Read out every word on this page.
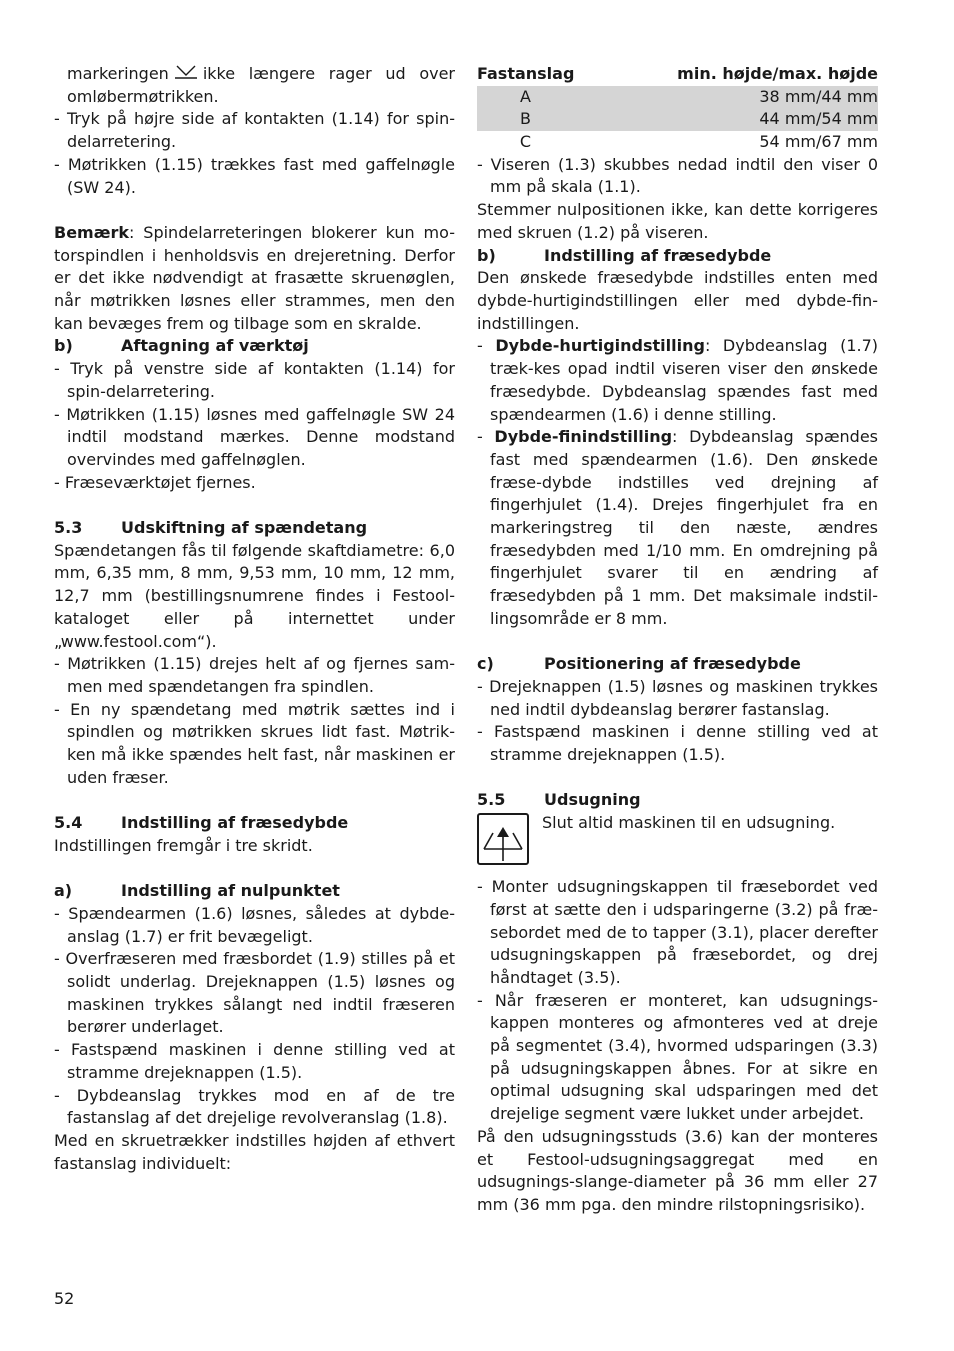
markeringen ikke længere rager ud over omløbermøtrikken.

- Tryk på højre side af kontakten (1.14) for spin-delarretering.

- Møtrikken (1.15) trækkes fast med gaffelnøgle (SW 24).

Bemærk: Spindelarreteringen blokerer kun mo-torspindlen i henholdsvis en drejeretning. Derfor er det ikke nødvendigt at frasætte skruenøglen, når møtrikken løsnes eller strammes, men den kan bevæges frem og tilbage som en skralde.

b)	Aftagning af værktøj

- Tryk på venstre side af kontakten (1.14) for spin-delarretering.

- Møtrikken (1.15) løsnes med gaffelnøgle SW 24 indtil modstand mærkes. Denne modstand overvindes med gaffelnøglen.

- Fræseværktøjet fjernes.

5.3	Udskiftning af spændetang

Spændetangen fås til følgende skaftdiametre: 6,0 mm, 6,35 mm, 8 mm, 9,53 mm, 10 mm, 12 mm, 12,7 mm (bestillingsnumrene findes i Festool-kataloget eller på internettet under „www.festool.com“).

- Møtrikken (1.15) drejes helt af og fjernes sam-men med spændetangen fra spindlen.

- En ny spændetang med møtrik sættes ind i spindlen og møtrikken skrues lidt fast. Møtrik-ken må ikke spændes helt fast, når maskinen er uden fræser.

5.4	Indstilling af fræsedybde

Indstillingen fremgår i tre skridt.

a)	Indstilling af nulpunktet

- Spændearmen (1.6) løsnes, således at dybde-anslag (1.7) er frit bevægeligt.

- Overfræseren med fræsbordet (1.9) stilles på et solidt underlag. Drejeknappen (1.5) løsnes og maskinen trykkes sålangt ned indtil fræseren berører underlaget.

- Fastspænd maskinen i denne stilling ved at stramme drejeknappen (1.5).

- Dybdeanslag trykkes mod en af de tre fastanslag af det drejelige revolveranslag (1.8).

Med en skruetrækker indstilles højden af ethvert fastanslag individuelt:

Fastanslag	min. højde/max. højde
A	38 mm/44 mm
B	44 mm/54 mm
C	54 mm/67 mm

- Viseren (1.3) skubbes nedad indtil den viser 0 mm på skala (1.1).

Stemmer nulpositionen ikke, kan dette korrigeres med skruen (1.2) på viseren.

b)	Indstilling af fræsedybde

Den ønskede fræsedybde indstilles enten med dybde-hurtigindstillingen eller med dybde-fin-indstillingen.

- Dybde-hurtigindstilling: Dybdeanslag (1.7) træk-kes opad indtil viseren viser den ønskede fræsedybde. Dybdeanslag spændes fast med spændearmen (1.6) i denne stilling.

- Dybde-finindstilling: Dybdeanslag spændes fast med spændearmen (1.6). Den ønskede fræse-dybde indstilles ved drejning af fingerhjulet (1.4). Drejes fingerhjulet fra en markeringstreg til den næste, ændres fræsedybden med 1/10 mm. En omdrejning på fingerhjulet svarer til en ændring af fræsedybden på 1 mm. Det maksimale indstil-lingsområde er 8 mm.

c)	Positionering af fræsedybde

- Drejeknappen (1.5) løsnes og maskinen trykkes ned indtil dybdeanslag berører fastanslag.

- Fastspænd maskinen i denne stilling ved at stramme drejeknappen (1.5).

5.5	Udsugning

Slut altid maskinen til en udsugning.

- Monter udsugningskappen til fræsebordet ved først at sætte den i udsparingerne (3.2) på fræ-sebordet med de to tapper (3.1), placer derefter udsugningskappen på fræsebordet, og drej håndtaget (3.5).

- Når fræseren er monteret, kan udsugnings-kappen monteres og afmonteres ved at dreje på segmentet (3.4), hvormed udsparingen (3.3) på udsugningskappen åbnes. For at sikre en optimal udsugning skal udsparingen med det drejelige segment være lukket under arbejdet.

På den udsugningsstuds (3.6) kan der monteres et Festool-udsugningsaggregat med en udsugnings-slange-diameter på 36 mm eller 27 mm (36 mm pga. den mindre rilstopningsrisiko).

52
